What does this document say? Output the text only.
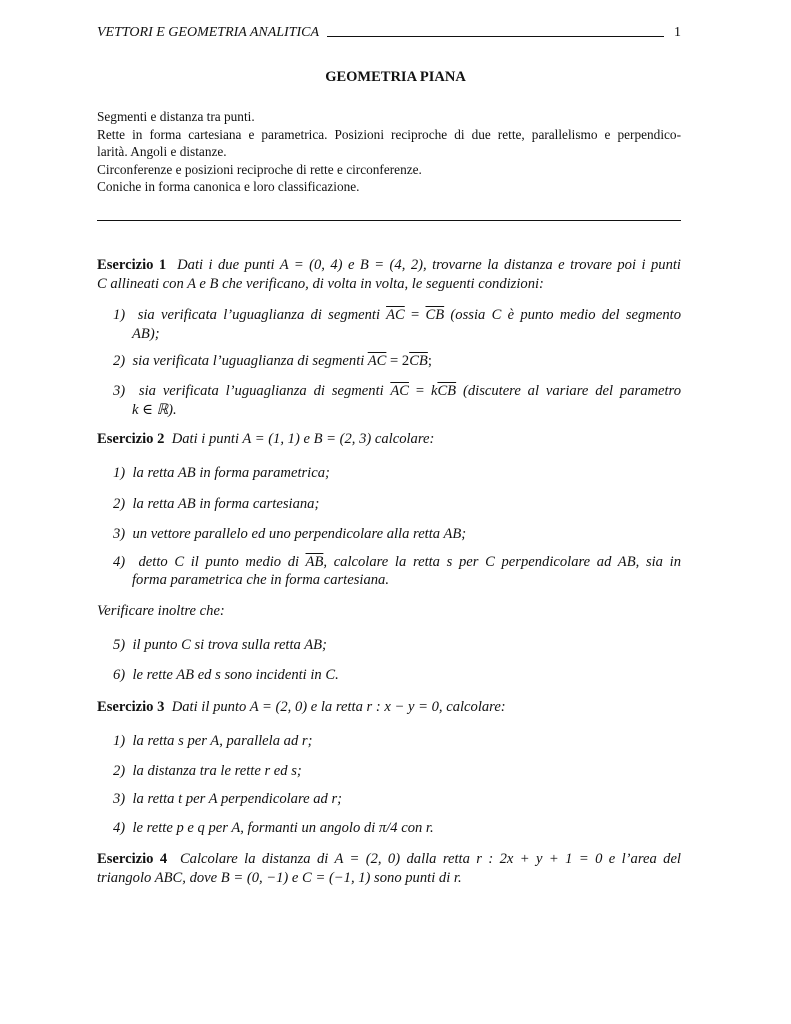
VETTORI E GEOMETRIA ANALITICA	1
GEOMETRIA PIANA
Segmenti e distanza tra punti.
Rette in forma cartesiana e parametrica. Posizioni reciproche di due rette, parallelismo e perpendico-
larità. Angoli e distanze.
Circonferenze e posizioni reciproche di rette e circonferenze.
Coniche in forma canonica e loro classificazione.
Esercizio 1  Dati i due punti A = (0, 4) e B = (4, 2), trovarne la distanza e trovare poi i punti
C allineati con A e B che verificano, di volta in volta, le seguenti condizioni:
1)  sia verificata l’uguaglianza di segmenti $\overline{AC} = \overline{CB}$ (ossia C è punto medio del segmento
AB);
2)  sia verificata l’uguaglianza di segmenti $\overline{AC} = 2\overline{CB}$;
3)  sia verificata l’uguaglianza di segmenti $\overline{AC} = k\overline{CB}$ (discutere al variare del parametro
k ∈ ℝ).
Esercizio 2  Dati i punti A = (1, 1) e B = (2, 3) calcolare:
1)  la retta AB in forma parametrica;
2)  la retta AB in forma cartesiana;
3)  un vettore parallelo ed uno perpendicolare alla retta AB;
4)  detto C il punto medio di $\overline{AB}$, calcolare la retta s per C perpendicolare ad AB, sia in
forma parametrica che in forma cartesiana.
Verificare inoltre che:
5)  il punto C si trova sulla retta AB;
6)  le rette AB ed s sono incidenti in C.
Esercizio 3  Dati il punto A = (2, 0) e la retta r : x − y = 0, calcolare:
1)  la retta s per A, parallela ad r;
2)  la distanza tra le rette r ed s;
3)  la retta t per A perpendicolare ad r;
4)  le rette p e q per A, formanti un angolo di π/4 con r.
Esercizio 4  Calcolare la distanza di A = (2, 0) dalla retta r : 2x + y + 1 = 0 e l’area del
triangolo ABC, dove B = (0, −1) e C = (−1, 1) sono punti di r.
